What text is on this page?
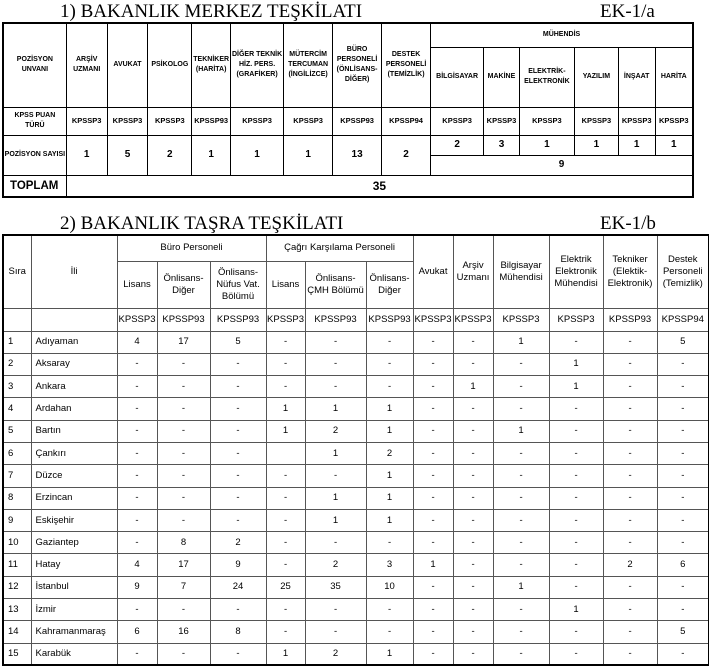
1) BAKANLIK MERKEZ TEŞKİLATI	EK-1/a
POZİSYON UNVANI	ARŞİV UZMANI	AVUKAT	PSİKOLOG	TEKNİKER (HARİTA)	DİĞER TEKNİK HİZ. PERS. (GRAFİKER)	MÜTERCİM TERCUMAN (İNGİLİZCE)	BÜRO PERSONELİ (ÖNLİSANS-DİĞER)	DESTEK PERSONELİ (TEMİZLİK)	MÜHENDİS					
									BİLGİSAYAR	MAKİNE	ELEKTRİK-ELEKTRONİK	YAZILIM	İNŞAAT	HARİTA
KPSS PUAN TÜRÜ	KPSSP3	KPSSP3	KPSSP3	KPSSP93	KPSSP3	KPSSP3	KPSSP93	KPSSP94	KPSSP3	KPSSP3	KPSSP3	KPSSP3	KPSSP3	KPSSP3
POZİSYON SAYISI	1	5	2	1	1	1	13	2	2	3	1	1	1	1
									9					
TOPLAM	35													
2) BAKANLIK TAŞRA TEŞKİLATI	EK-1/b
Sıra	İli	Büro Personeli			Çağrı Karşılama Personeli			Avukat	Arşiv Uzmanı	Bilgisayar Mühendisi	Elektrik Elektronik Mühendisi	Tekniker (Elektik-Elektronik)	Destek Personeli (Temizlik)
		Lisans	Önlisans-Diğer	Önlisans-Nüfus Vat. Bölümü	Lisans	Önlisans-ÇMH Bölümü	Önlisans-Diğer						
		KPSSP3	KPSSP93	KPSSP93	KPSSP3	KPSSP93	KPSSP93	KPSSP3	KPSSP3	KPSSP3	KPSSP3	KPSSP93	KPSSP94
1	Adıyaman	4	17	5	-	-	-	-	-	1	-	-	5
2	Aksaray	-	-	-	-	-	-	-	-	-	1	-	-
3	Ankara	-	-	-	-	-	-	-	1	-	1	-	-
4	Ardahan	-	-	-	1	1	1	-	-	-	-	-	-
5	Bartın	-	-	-	1	2	1	-	-	1	-	-	-
6	Çankırı	-	-	-		1	2	-	-	-	-	-	-
7	Düzce	-	-	-	-	-	1	-	-	-	-	-	-
8	Erzincan	-	-	-	-	1	1	-	-	-	-	-	-
9	Eskişehir	-	-	-	-	1	1	-	-	-	-	-	-
10	Gaziantep	-	8	2	-	-	-	-	-	-	-	-	-
11	Hatay	4	17	9	-	2	3	1	-	-	-	2	6
12	İstanbul	9	7	24	25	35	10	-	-	1	-	-	-
13	İzmir	-	-	-	-	-	-	-	-	-	1	-	-
14	Kahramanmaraş	6	16	8	-	-	-	-	-	-	-	-	5
15	Karabük	-	-	-	1	2	1	-	-	-	-	-	-
